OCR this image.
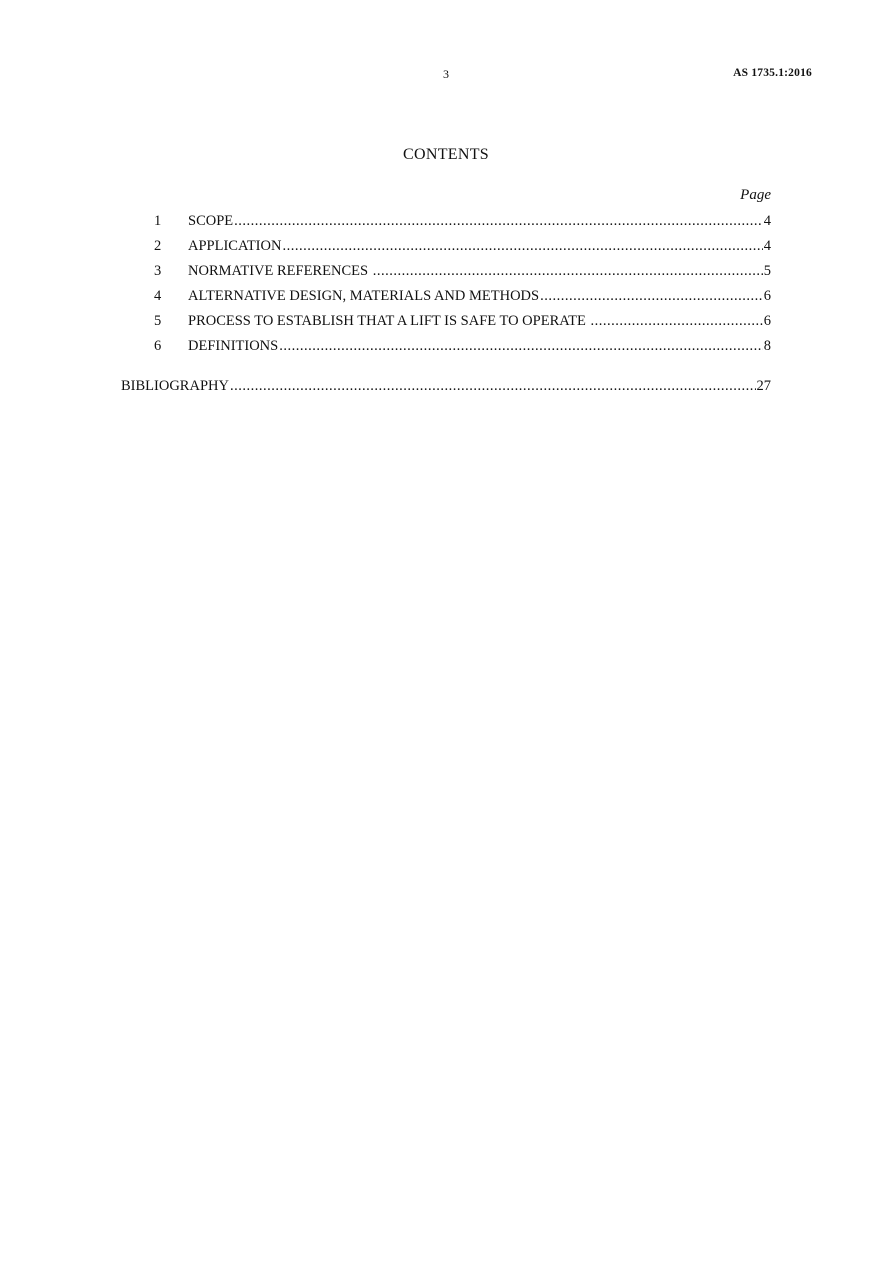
3	AS 1735.1:2016
CONTENTS
Page
1	SCOPE .....	4
2	APPLICATION .....	4
3	NORMATIVE REFERENCES .....	5
4	ALTERNATIVE DESIGN, MATERIALS AND METHODS .....	6
5	PROCESS TO ESTABLISH THAT A LIFT IS SAFE TO OPERATE .....	6
6	DEFINITIONS .....	8
BIBLIOGRAPHY .....	27
